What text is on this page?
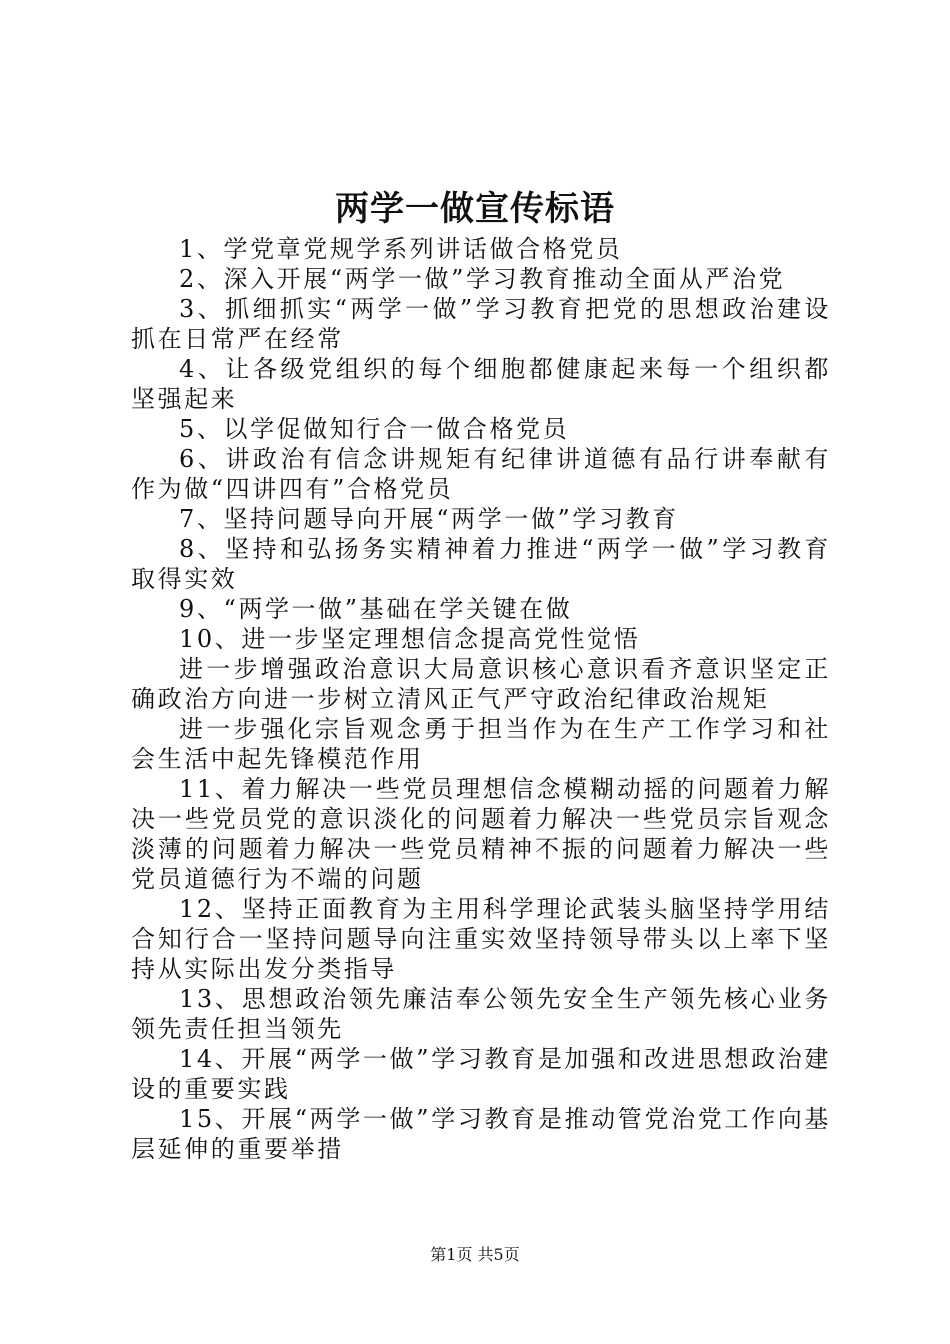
两学一做宣传标语

1、学党章党规学系列讲话做合格党员

2、深入开展“两学一做”学习教育推动全面从严治党

3、抓细抓实“两学一做”学习教育把党的思想政治建设抓在日常严在经常

4、让各级党组织的每个细胞都健康起来每一个组织都坚强起来

5、以学促做知行合一做合格党员

6、讲政治有信念讲规矩有纪律讲道德有品行讲奉献有作为做“四讲四有”合格党员

7、坚持问题导向开展“两学一做”学习教育

8、坚持和弘扬务实精神着力推进“两学一做”学习教育取得实效

9、“两学一做”基础在学关键在做

10、进一步坚定理想信念提高党性觉悟

进一步增强政治意识大局意识核心意识看齐意识坚定正确政治方向进一步树立清风正气严守政治纪律政治规矩

进一步强化宗旨观念勇于担当作为在生产工作学习和社会生活中起先锋模范作用

11、着力解决一些党员理想信念模糊动摇的问题着力解决一些党员党的意识淡化的问题着力解决一些党员宗旨观念淡薄的问题着力解决一些党员精神不振的问题着力解决一些党员道德行为不端的问题

12、坚持正面教育为主用科学理论武装头脑坚持学用结合知行合一坚持问题导向注重实效坚持领导带头以上率下坚持从实际出发分类指导

13、思想政治领先廉洁奉公领先安全生产领先核心业务领先责任担当领先

14、开展“两学一做”学习教育是加强和改进思想政治建设的重要实践

15、开展“两学一做”学习教育是推动管党治党工作向基层延伸的重要举措

第1页 共5页
